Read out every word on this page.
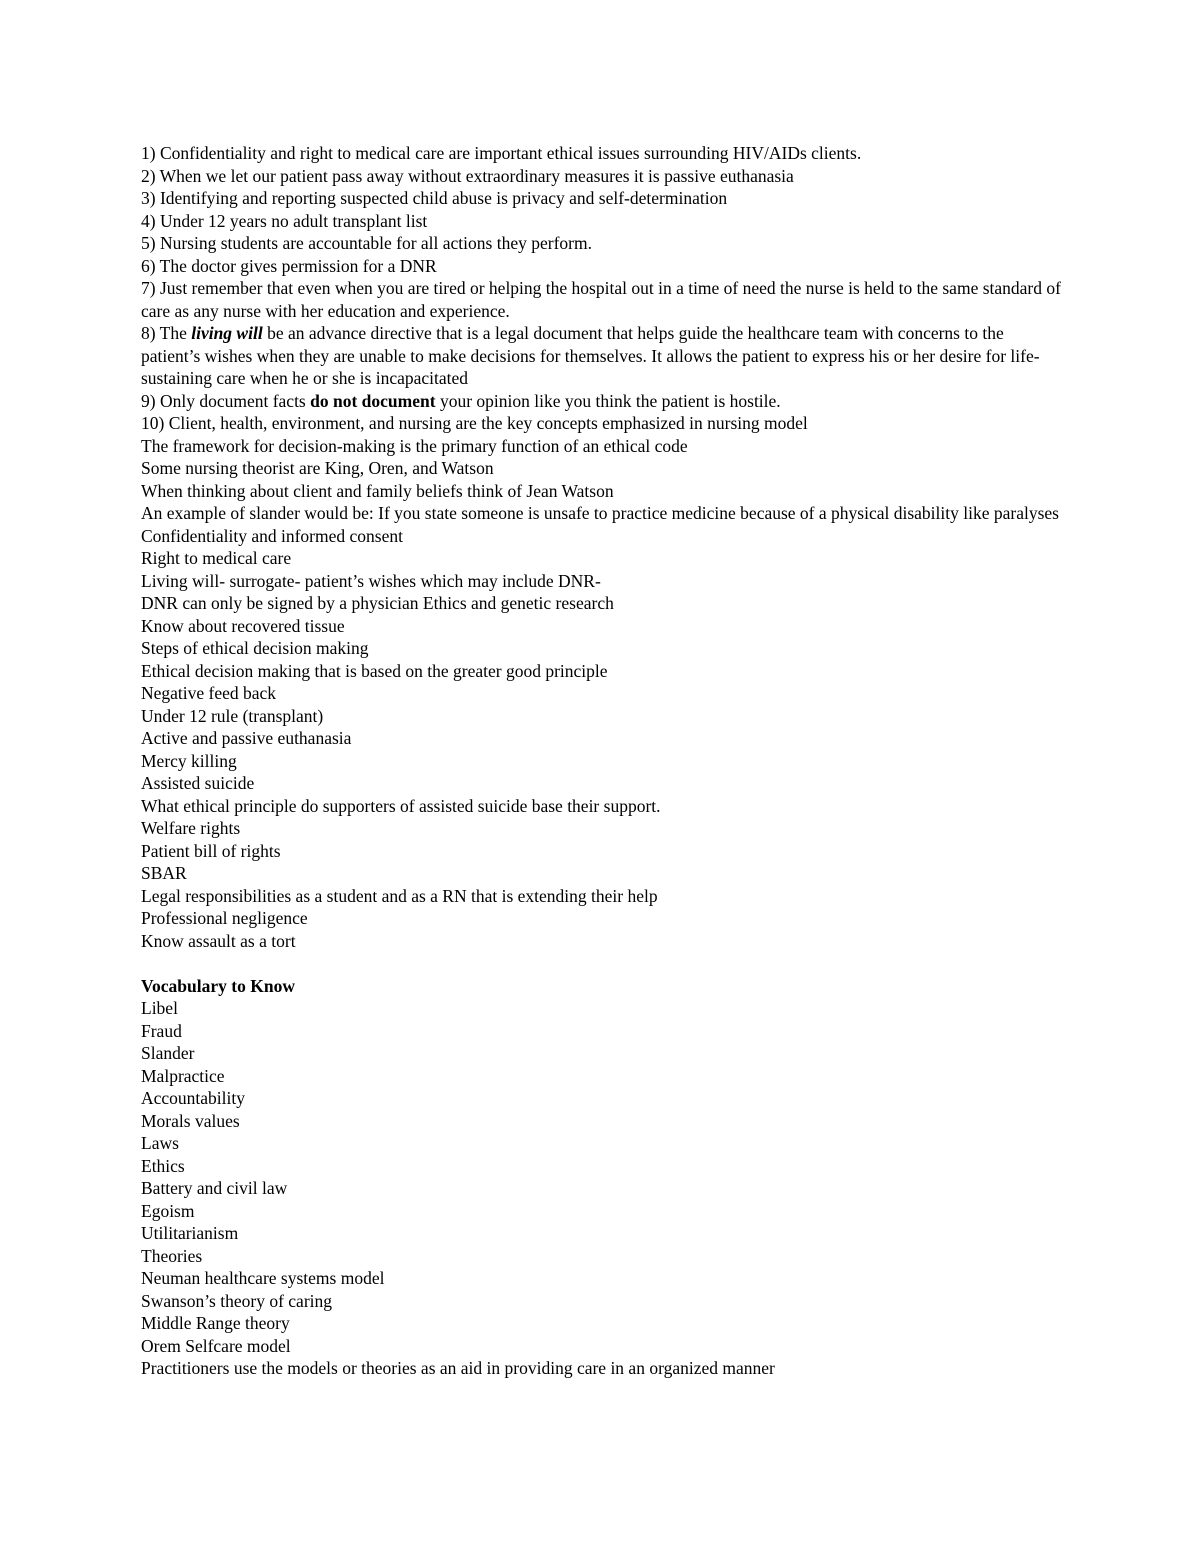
1) Confidentiality and right to medical care are important ethical issues surrounding HIV/AIDs clients.

2) When we let our patient pass away without extraordinary measures it is passive euthanasia

3) Identifying and reporting suspected child abuse is privacy and self-determination

4) Under 12 years no adult transplant list

5) Nursing students are accountable for all actions they perform.

6) The doctor gives permission for a DNR

7) Just remember that even when you are tired or helping the hospital out in a time of need the nurse is held to the same standard of care as any nurse with her education and experience.

8) The living will be an advance directive that is a legal document that helps guide the healthcare team with concerns to the patient’s wishes when they are unable to make decisions for themselves. It allows the patient to express his or her desire for life-sustaining care when he or she is incapacitated

9) Only document facts do not document your opinion like you think the patient is hostile.

10) Client, health, environment, and nursing are the key concepts emphasized in nursing model

The framework for decision-making is the primary function of an ethical code

Some nursing theorist are King, Oren, and Watson

When thinking about client and family beliefs think of Jean Watson

An example of slander would be: If you state someone is unsafe to practice medicine because of a physical disability like paralyses

Confidentiality and informed consent

Right to medical care

Living will- surrogate- patient’s wishes which may include DNR-

DNR can only be signed by a physician Ethics and genetic research

Know about recovered tissue

Steps of ethical decision making

Ethical decision making that is based on the greater good principle

Negative feed back

Under 12 rule (transplant)

Active and passive euthanasia

Mercy killing

Assisted suicide

What ethical principle do supporters of assisted suicide base their support.

Welfare rights

Patient bill of rights

SBAR

Legal responsibilities as a student and as a RN that is extending their help

Professional negligence

Know assault as a tort

Vocabulary to Know

Libel

Fraud

Slander

Malpractice

Accountability

Morals values

Laws

Ethics

Battery and civil law

Egoism

Utilitarianism

Theories

Neuman healthcare systems model

Swanson’s theory of caring

Middle Range theory

Orem Selfcare model

Practitioners use the models or theories as an aid in providing care in an organized manner
